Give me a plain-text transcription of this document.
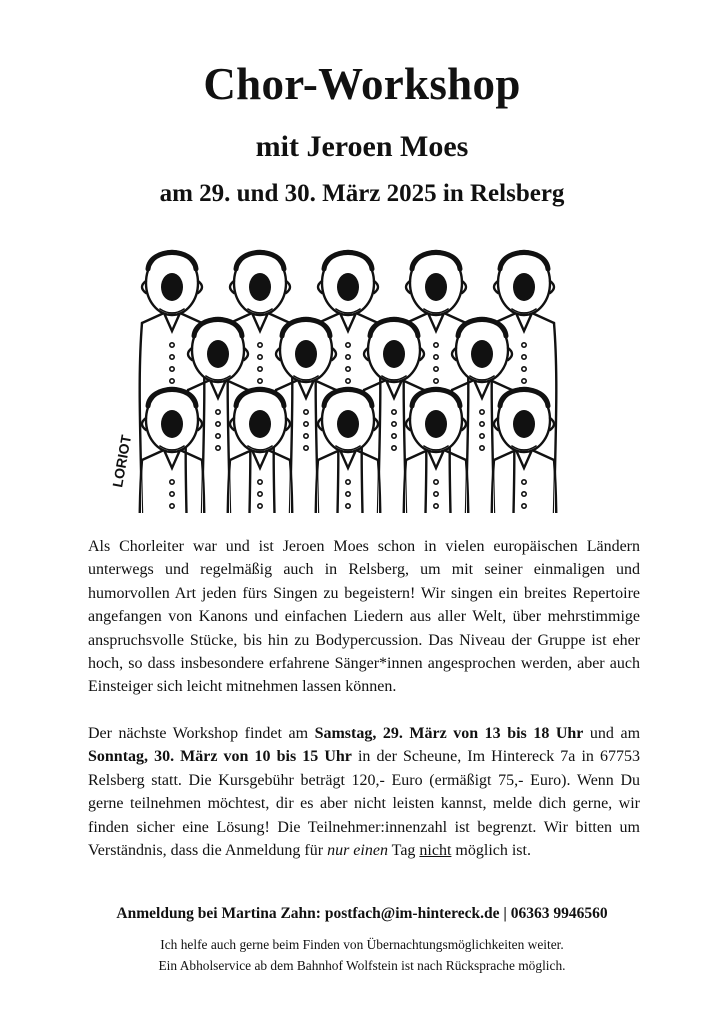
Chor-Workshop
mit Jeroen Moes
am 29. und 30. März 2025 in Relsberg
LORIOT

Als Chorleiter war und ist Jeroen Moes schon in vielen europäischen Ländern unterwegs und regelmäßig auch in Relsberg, um mit seiner einmaligen und humorvollen Art jeden fürs Singen zu begeistern! Wir singen ein breites Repertoire angefangen von Kanons und einfachen Liedern aus aller Welt, über mehrstimmige anspruchsvolle Stücke, bis hin zu Bodypercussion. Das Niveau der Gruppe ist eher hoch, so dass insbesondere erfahrene Sänger*innen angesprochen werden, aber auch Einsteiger sich leicht mitnehmen lassen können.

Der nächste Workshop findet am Samstag, 29. März von 13 bis 18 Uhr und am Sonntag, 30. März von 10 bis 15 Uhr in der Scheune, Im Hintereck 7a in 67753 Relsberg statt. Die Kursgebühr beträgt 120,- Euro (ermäßigt 75,- Euro). Wenn Du gerne teilnehmen möchtest, dir es aber nicht leisten kannst, melde dich gerne, wir finden sicher eine Lösung! Die Teilnehmer:innenzahl ist begrenzt. Wir bitten um Verständnis, dass die Anmeldung für nur einen Tag nicht möglich ist.

Anmeldung bei Martina Zahn: postfach@im-hintereck.de | 06363 9946560
Ich helfe auch gerne beim Finden von Übernachtungsmöglichkeiten weiter.
Ein Abholservice ab dem Bahnhof Wolfstein ist nach Rücksprache möglich.
